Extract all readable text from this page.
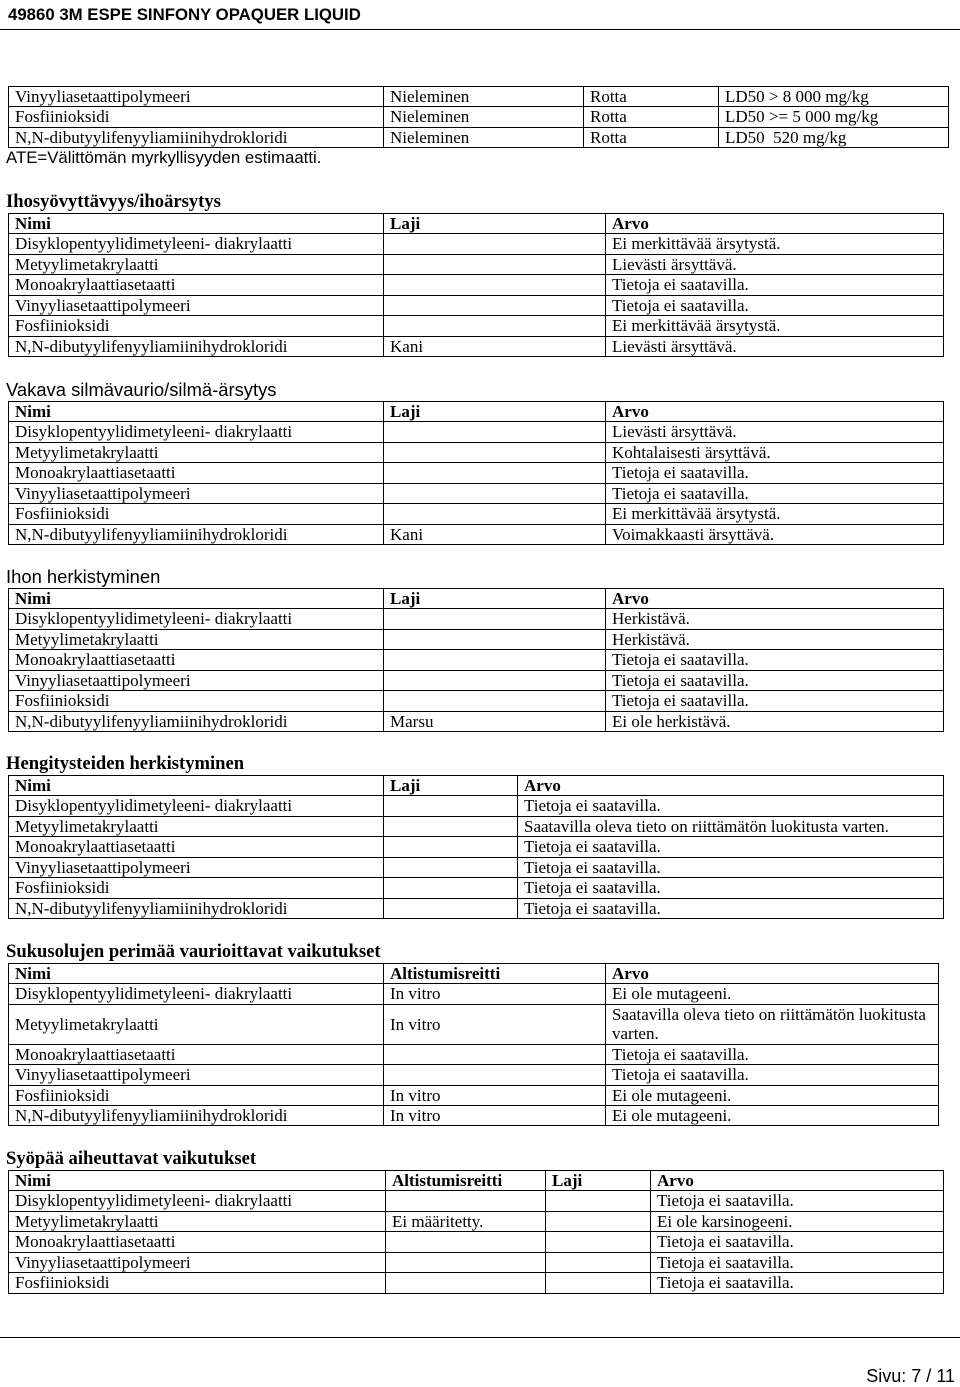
49860 3M ESPE SINFONY OPAQUER LIQUID
Vinyyliasetaattipolymeeri	Nieleminen	Rotta	LD50 > 8 000 mg/kg
Fosfiinioksidi	Nieleminen	Rotta	LD50 >= 5 000 mg/kg
N,N-dibutyylifenyyliamiinihydrokloridi	Nieleminen	Rotta	LD50  520 mg/kg
ATE=Välittömän myrkyllisyyden estimaatti.
Ihosyövyttävyys/ihoärsytys
Nimi	Laji	Arvo
Disyklopentyylidimetyleeni- diakrylaatti		Ei merkittävää ärsytystä.
Metyylimetakrylaatti		Lievästi ärsyttävä.
Monoakrylaattiasetaatti		Tietoja ei saatavilla.
Vinyyliasetaattipolymeeri		Tietoja ei saatavilla.
Fosfiinioksidi		Ei merkittävää ärsytystä.
N,N-dibutyylifenyyliamiinihydrokloridi	Kani	Lievästi ärsyttävä.
Vakava silmävaurio/silmä-ärsytys
Nimi	Laji	Arvo
Disyklopentyylidimetyleeni- diakrylaatti		Lievästi ärsyttävä.
Metyylimetakrylaatti		Kohtalaisesti ärsyttävä.
Monoakrylaattiasetaatti		Tietoja ei saatavilla.
Vinyyliasetaattipolymeeri		Tietoja ei saatavilla.
Fosfiinioksidi		Ei merkittävää ärsytystä.
N,N-dibutyylifenyyliamiinihydrokloridi	Kani	Voimakkaasti ärsyttävä.
Ihon herkistyminen
Nimi	Laji	Arvo
Disyklopentyylidimetyleeni- diakrylaatti		Herkistävä.
Metyylimetakrylaatti		Herkistävä.
Monoakrylaattiasetaatti		Tietoja ei saatavilla.
Vinyyliasetaattipolymeeri		Tietoja ei saatavilla.
Fosfiinioksidi		Tietoja ei saatavilla.
N,N-dibutyylifenyyliamiinihydrokloridi	Marsu	Ei ole herkistävä.
Hengitysteiden herkistyminen
Nimi	Laji	Arvo
Disyklopentyylidimetyleeni- diakrylaatti		Tietoja ei saatavilla.
Metyylimetakrylaatti		Saatavilla oleva tieto on riittämätön luokitusta varten.
Monoakrylaattiasetaatti		Tietoja ei saatavilla.
Vinyyliasetaattipolymeeri		Tietoja ei saatavilla.
Fosfiinioksidi		Tietoja ei saatavilla.
N,N-dibutyylifenyyliamiinihydrokloridi		Tietoja ei saatavilla.
Sukusolujen perimää vaurioittavat vaikutukset
Nimi	Altistumisreitti	Arvo
Disyklopentyylidimetyleeni- diakrylaatti	In vitro	Ei ole mutageeni.
Metyylimetakrylaatti	In vitro	Saatavilla oleva tieto on riittämätön luokitusta varten.
Monoakrylaattiasetaatti		Tietoja ei saatavilla.
Vinyyliasetaattipolymeeri		Tietoja ei saatavilla.
Fosfiinioksidi	In vitro	Ei ole mutageeni.
N,N-dibutyylifenyyliamiinihydrokloridi	In vitro	Ei ole mutageeni.
Syöpää aiheuttavat vaikutukset
Nimi	Altistumisreitti	Laji	Arvo
Disyklopentyylidimetyleeni- diakrylaatti			Tietoja ei saatavilla.
Metyylimetakrylaatti	Ei määritetty.		Ei ole karsinogeeni.
Monoakrylaattiasetaatti			Tietoja ei saatavilla.
Vinyyliasetaattipolymeeri			Tietoja ei saatavilla.
Fosfiinioksidi			Tietoja ei saatavilla.
Sivu: 7 / 11
